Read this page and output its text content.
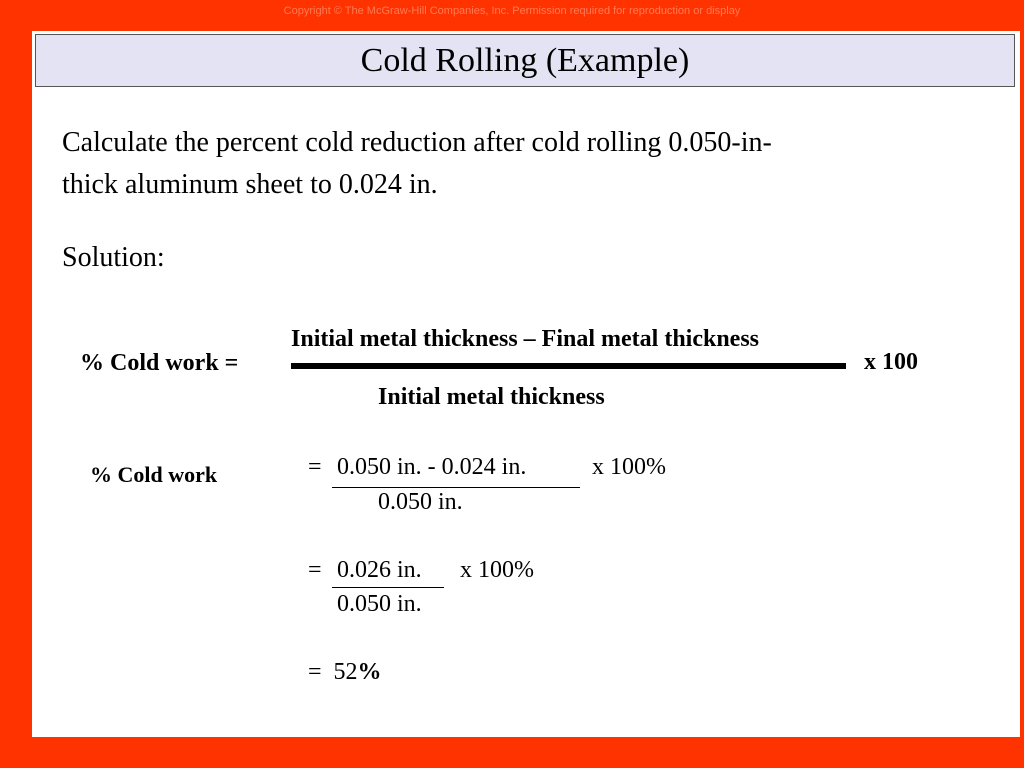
Copyright © The McGraw-Hill Companies, Inc. Permission required for reproduction or display
Cold Rolling (Example)
Calculate the percent cold reduction after cold rolling 0.050-in-
thick aluminum sheet to 0.024 in.
Solution:
% Cold work =
Initial metal thickness – Final metal thickness
Initial metal thickness
x 100
% Cold work	= 0.050 in. - 0.024 in.	x 100%
0.050 in.
= 0.026 in. x 100%
0.050 in.
= 52%
